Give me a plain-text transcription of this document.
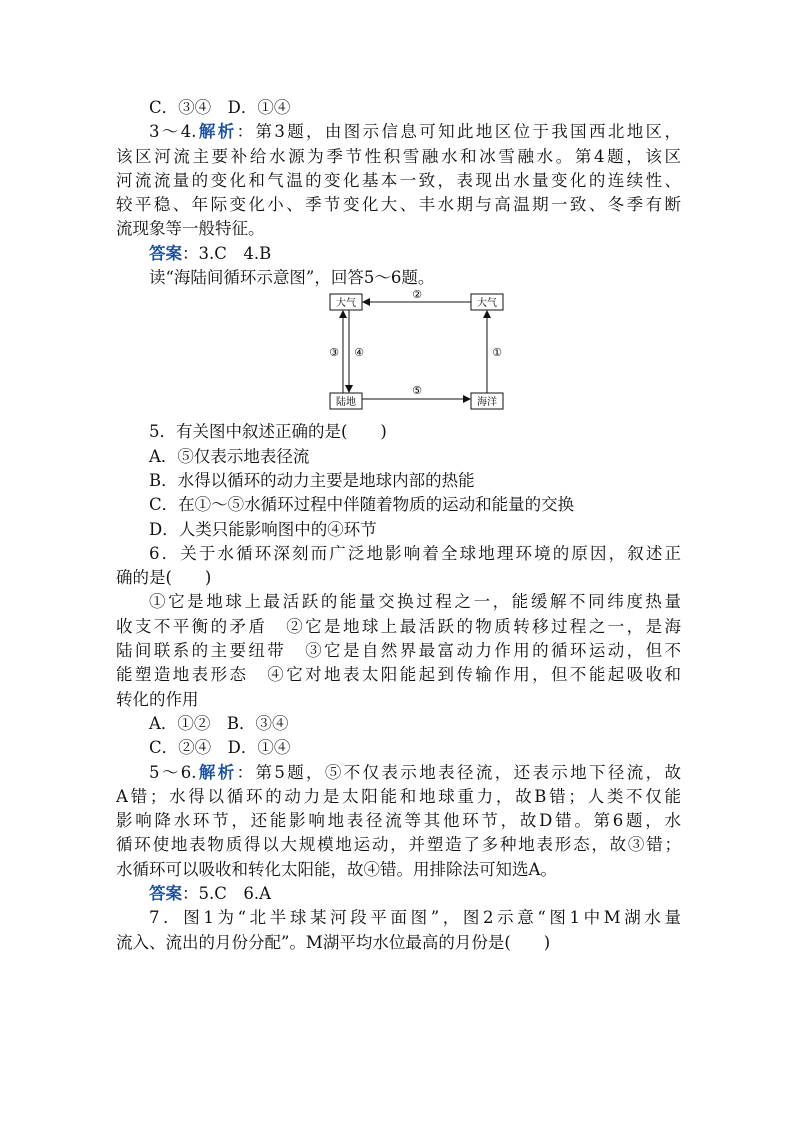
C．③④　D．①④
3～4.解析：第3题，由图示信息可知此地区位于我国西北地区，
该区河流主要补给水源为季节性积雪融水和冰雪融水。第4题，该区
河流流量的变化和气温的变化基本一致，表现出水量变化的连续性、
较平稳、年际变化小、季节变化大、丰水期与高温期一致、冬季有断
流现象等一般特征。
答案：3.C　4.B
读“海陆间循环示意图”，回答5～6题。
大气	大气
陆地	海洋
②
③ ④	①
⑤
5．有关图中叙述正确的是(　　)
A．⑤仅表示地表径流
B．水得以循环的动力主要是地球内部的热能
C．在①～⑤水循环过程中伴随着物质的运动和能量的交换
D．人类只能影响图中的④环节
6．关于水循环深刻而广泛地影响着全球地理环境的原因，叙述正
确的是(　　)
①它是地球上最活跃的能量交换过程之一，能缓解不同纬度热量
收支不平衡的矛盾　②它是地球上最活跃的物质转移过程之一，是海
陆间联系的主要纽带　③它是自然界最富动力作用的循环运动，但不
能塑造地表形态　④它对地表太阳能起到传输作用，但不能起吸收和
转化的作用
A．①②　B．③④
C．②④　D．①④
5～6.解析：第5题，⑤不仅表示地表径流，还表示地下径流，故
A错；水得以循环的动力是太阳能和地球重力，故B错；人类不仅能
影响降水环节，还能影响地表径流等其他环节，故D错。第6题，水
循环使地表物质得以大规模地运动，并塑造了多种地表形态，故③错；
水循环可以吸收和转化太阳能，故④错。用排除法可知选A。
答案：5.C　6.A
7．图1为“北半球某河段平面图”，图2示意“图1中M湖水量
流入、流出的月份分配”。M湖平均水位最高的月份是(　　)
